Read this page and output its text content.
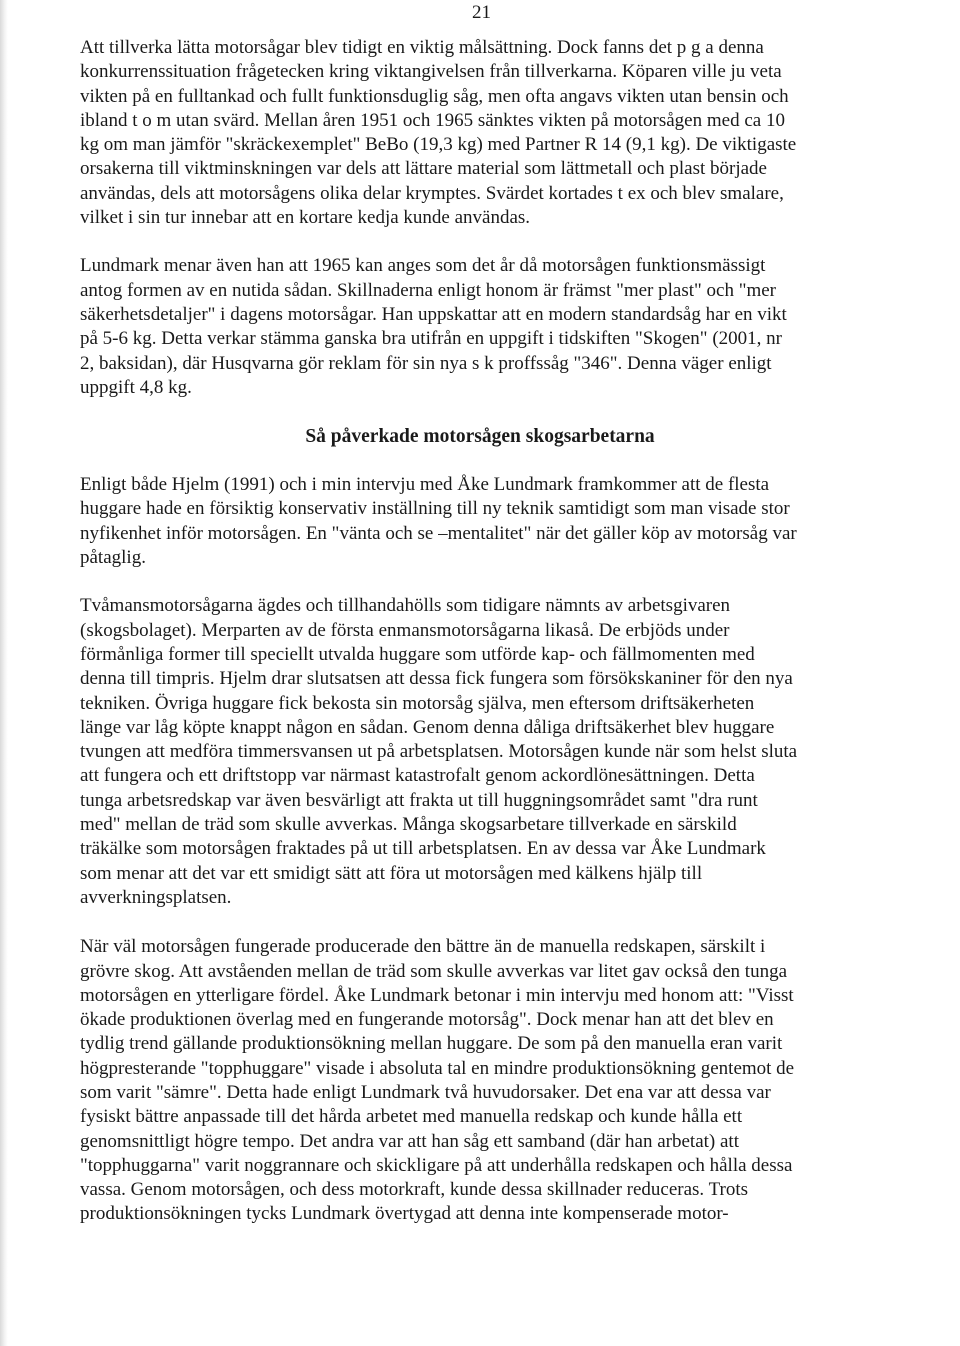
21

Att tillverka lätta motorsågar blev tidigt en viktig målsättning. Dock fanns det p g a denna
konkurrenssituation frågetecken kring viktangivelsen från tillverkarna. Köparen ville ju veta
vikten på en fulltankad och fullt funktionsduglig såg, men ofta angavs vikten utan bensin och
ibland t o m utan svärd. Mellan åren 1951 och 1965 sänktes vikten på motorsågen med ca 10
kg om man jämför "skräckexemplet" BeBo (19,3 kg) med Partner R 14 (9,1 kg). De viktigaste
orsakerna till viktminskningen var dels att lättare material som lättmetall och plast började
användas, dels att motorsågens olika delar krymptes. Svärdet kortades t ex och blev smalare,
vilket i sin tur innebar att en kortare kedja kunde användas.

Lundmark menar även han att 1965 kan anges som det år då motorsågen funktionsmässigt
antog formen av en nutida sådan. Skillnaderna enligt honom är främst "mer plast" och "mer
säkerhetsdetaljer" i dagens motorsågar. Han uppskattar att en modern standardsåg har en vikt
på 5-6 kg. Detta verkar stämma ganska bra utifrån en uppgift i tidskiften "Skogen" (2001, nr
2, baksidan), där Husqvarna gör reklam för sin nya s k proffssåg "346". Denna väger enligt
uppgift 4,8 kg.

Så påverkade motorsågen skogsarbetarna

Enligt både Hjelm (1991) och i min intervju med Åke Lundmark framkommer att de flesta
huggare hade en försiktig konservativ inställning till ny teknik samtidigt som man visade stor
nyfikenhet inför motorsågen. En "vänta och se –mentalitet" när det gäller köp av motorsåg var
påtaglig.

Tvåmansmotorsågarna ägdes och tillhandahölls som tidigare nämnts av arbetsgivaren
(skogsbolaget). Merparten av de första enmansmotorsågarna likaså. De erbjöds under
förmånliga former till speciellt utvalda huggare som utförde kap- och fällmomenten med
denna till timpris. Hjelm drar slutsatsen att dessa fick fungera som försökskaniner för den nya
tekniken. Övriga huggare fick bekosta sin motorsåg själva, men eftersom driftsäkerheten
länge var låg köpte knappt någon en sådan. Genom denna dåliga driftsäkerhet blev huggare
tvungen att medföra timmersvansen ut på arbetsplatsen. Motorsågen kunde när som helst sluta
att fungera och ett driftstopp var närmast katastrofalt genom ackordlönesättningen. Detta
tunga arbetsredskap var även besvärligt att frakta ut till huggningsområdet samt "dra runt
med" mellan de träd som skulle avverkas. Många skogsarbetare tillverkade en särskild
träkälke som motorsågen fraktades på ut till arbetsplatsen. En av dessa var Åke Lundmark
som menar att det var ett smidigt sätt att föra ut motorsågen med kälkens hjälp till
avverkningsplatsen.

När väl motorsågen fungerade producerade den bättre än de manuella redskapen, särskilt i
grövre skog. Att avståenden mellan de träd som skulle avverkas var litet gav också den tunga
motorsågen en ytterligare fördel. Åke Lundmark betonar i min intervju med honom att: "Visst
ökade produktionen överlag med en fungerande motorsåg". Dock menar han att det blev en
tydlig trend gällande produktionsökning mellan huggare. De som på den manuella eran varit
högpresterande "topphuggare" visade i absoluta tal en mindre produktionsökning gentemot de
som varit "sämre". Detta hade enligt Lundmark två huvudorsaker. Det ena var att dessa var
fysiskt bättre anpassade till det hårda arbetet med manuella redskap och kunde hålla ett
genomsnittligt högre tempo. Det andra var att han såg ett samband (där han arbetat) att
"topphuggarna" varit noggrannare och skickligare på att underhålla redskapen och hålla dessa
vassa. Genom motorsågen, och dess motorkraft, kunde dessa skillnader reduceras. Trots
produktionsökningen tycks Lundmark övertygad att denna inte kompenserade motor-
